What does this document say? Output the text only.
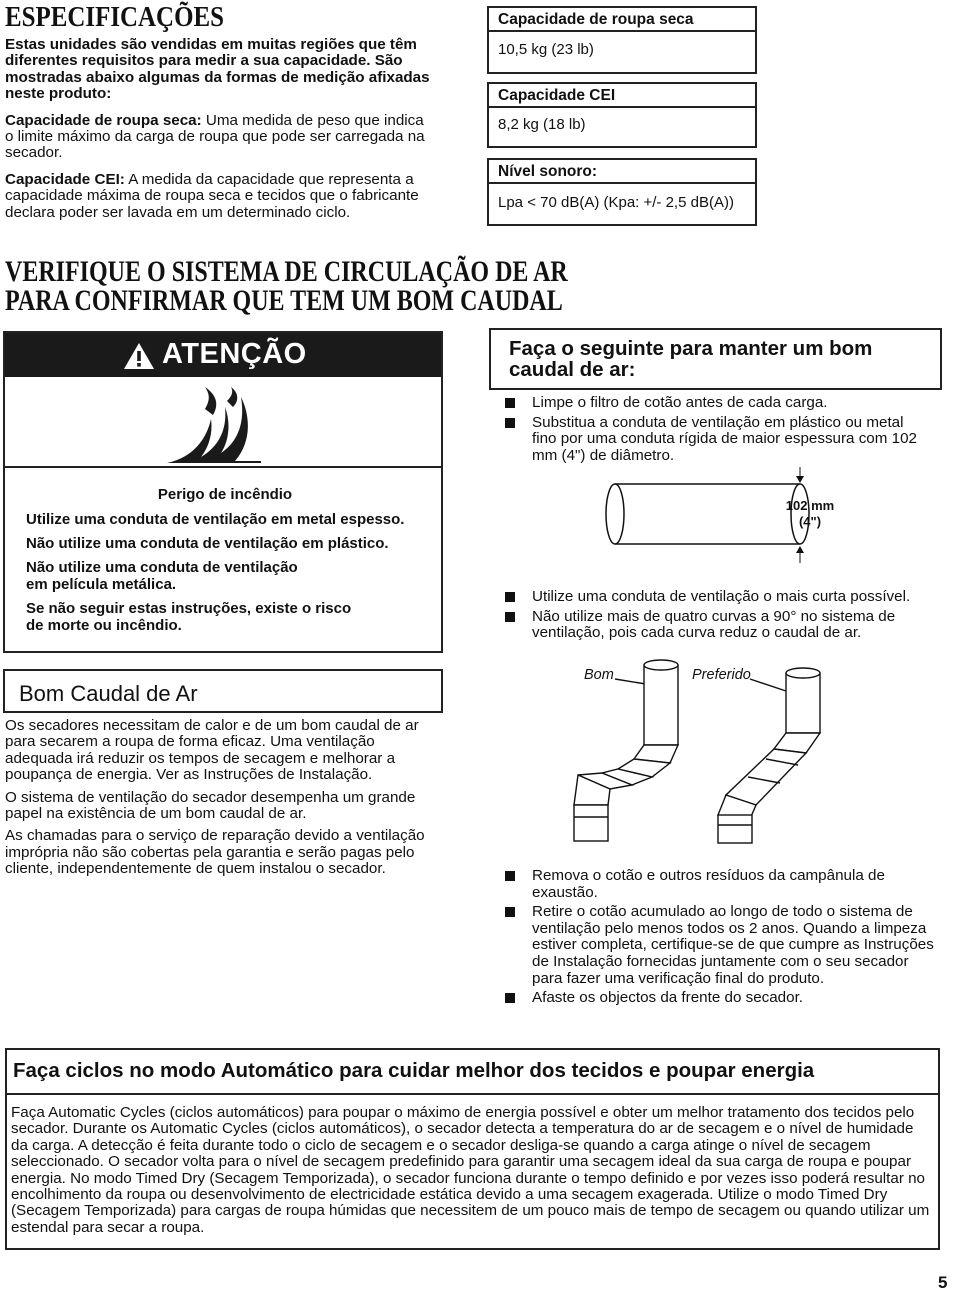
ESPECIFICAÇÕES

Estas unidades são vendidas em muitas regiões que têm diferentes requisitos para medir a sua capacidade. São mostradas abaixo algumas da formas de medição afixadas neste produto:

Capacidade de roupa seca: Uma medida de peso que indica o limite máximo da carga de roupa que pode ser carregada na secador.

Capacidade CEI: A medida da capacidade que representa a capacidade máxima de roupa seca e tecidos que o fabricante declara poder ser lavada em um determinado ciclo.

Capacidade de roupa seca
10,5 kg (23 lb)
Capacidade CEI
8,2 kg (18 lb)
Nível sonoro:
Lpa < 70 dB(A) (Kpa: +/- 2,5 dB(A))
VERIFIQUE O SISTEMA DE CIRCULAÇÃO DE AR
PARA CONFIRMAR QUE TEM UM BOM CAUDAL
ATENÇÃO
Perigo de incêndio
Utilize uma conduta de ventilação em metal espesso.
Não utilize uma conduta de ventilação em plástico.
Não utilize uma conduta de ventilação
em película metálica.
Se não seguir estas instruções, existe o risco
de morte ou incêndio.
Bom Caudal de Ar

Os secadores necessitam de calor e de um bom caudal de ar para secarem a roupa de forma eficaz. Uma ventilação adequada irá reduzir os tempos de secagem e melhorar a poupança de energia. Ver as Instruções de Instalação.

O sistema de ventilação do secador desempenha um grande papel na existência de um bom caudal de ar.

As chamadas para o serviço de reparação devido a ventilação imprópria não são cobertas pela garantia e serão pagas pelo cliente, independentemente de quem instalou o secador.

Faça o seguinte para manter um bom caudal de ar:
Limpe o filtro de cotão antes de cada carga.
Substitua a conduta de ventilação em plástico ou metal fino por uma conduta rígida de maior espessura com 102 mm (4") de diâmetro.
102 mm
(4")
Utilize uma conduta de ventilação o mais curta possível.
Não utilize mais de quatro curvas a 90° no sistema de ventilação, pois cada curva reduz o caudal de ar.
Bom	Preferido
Remova o cotão e outros resíduos da campânula de exaustão.
Retire o cotão acumulado ao longo de todo o sistema de ventilação pelo menos todos os 2 anos. Quando a limpeza estiver completa, certifique-se de que cumpre as Instruções de Instalação fornecidas juntamente com o seu secador para fazer uma verificação final do produto.
Afaste os objectos da frente do secador.
Faça ciclos no modo Automático para cuidar melhor dos tecidos e poupar energia

Faça Automatic Cycles (ciclos automáticos) para poupar o máximo de energia possível e obter um melhor tratamento dos tecidos pelo secador. Durante os Automatic Cycles (ciclos automáticos), o secador detecta a temperatura do ar de secagem e o nível de humidade da carga. A detecção é feita durante todo o ciclo de secagem e o secador desliga-se quando a carga atinge o nível de secagem seleccionado. O secador volta para o nível de secagem predefinido para garantir uma secagem ideal da sua carga de roupa e poupar energia. No modo Timed Dry (Secagem Temporizada), o secador funciona durante o tempo definido e por vezes isso poderá resultar no encolhimento da roupa ou desenvolvimento de electricidade estática devido a uma secagem exagerada. Utilize o modo Timed Dry (Secagem Temporizada) para cargas de roupa húmidas que necessitem de um pouco mais de tempo de secagem ou quando utilizar um estendal para secar a roupa.

5
